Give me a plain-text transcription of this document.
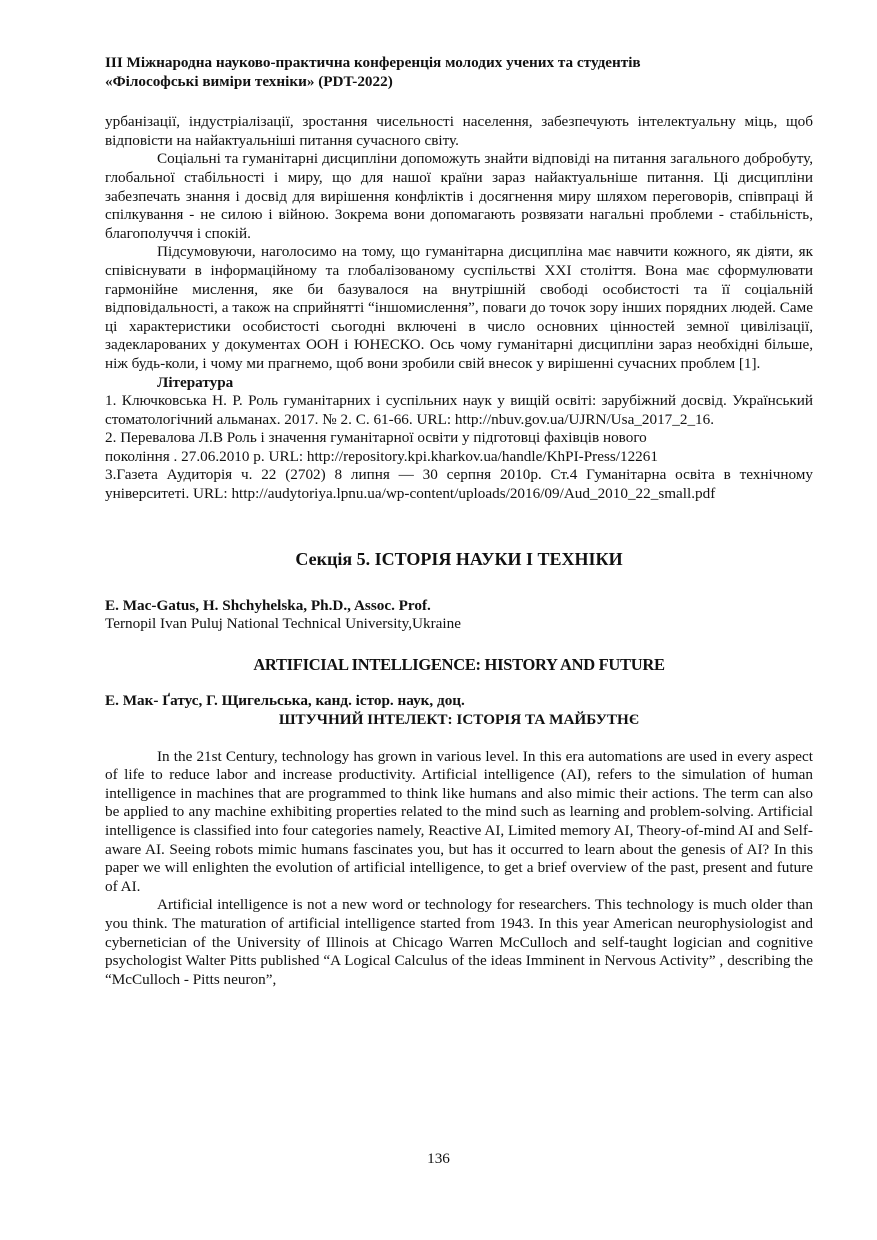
ІІІ Міжнародна науково-практична конференція молодих учених та студентів
«Філософські виміри техніки» (PDT-2022)

урбанізації, індустріалізації, зростання чисельності населення, забезпечують інтелектуальну міць, щоб відповісти на найактуальніші питання сучасного світу.

Соціальні та гуманітарні дисципліни допоможуть знайти відповіді на питання загального добробуту, глобальної стабільності і миру, що для нашої країни зараз найактуальніше питання. Ці дисципліни забезпечать знання і досвід для вирішення конфліктів і досягнення миру шляхом переговорів, співпраці й спілкування - не силою і війною. Зокрема вони допомагають розвязати нагальні проблеми - стабільність, благополуччя і спокій.

Підсумовуючи, наголосимо на тому, що гуманітарна дисципліна має навчити кожного, як діяти, як співіснувати в інформаційному та глобалізованому суспільстві ХХІ століття. Вона має сформулювати гармонійне мислення, яке би базувалося на внутрішній свободі особистості та її соціальній відповідальності, а також на сприйнятті “іншомислення”, поваги до точок зору інших порядних людей. Саме ці характеристики особистості сьогодні включені в число основних цінностей земної цивілізації, задекларованих у документах ООН і ЮНЕСКО. Ось чому гуманітарні дисципліни зараз необхідні більше, ніж будь-коли, і чому ми прагнемо, щоб вони зробили свій внесок у вирішенні сучасних проблем [1].

Література

1. Ключковська Н. Р. Роль гуманітарних і суспільних наук у вищій освіті: зарубіжний досвід. Український стоматологічний альманах. 2017. № 2. С. 61-66. URL: http://nbuv.gov.ua/UJRN/Usa_2017_2_16.

2. Перевалова Л.В Роль і значення гуманітарної освіти у підготовці фахівців нового

покоління . 27.06.2010 р. URL: http://repository.kpi.kharkov.ua/handle/KhPI-Press/12261

3.Газета Аудиторія ч. 22 (2702) 8 липня — 30 серпня 2010р. Ст.4 Гуманітарна освіта в технічному університеті. URL: http://audytoriya.lpnu.ua/wp-content/uploads/2016/09/Aud_2010_22_small.pdf

Секція 5. ІСТОРІЯ НАУКИ І ТЕХНІКИ

E. Mac-Gatus, H. Shchyhelska, Ph.D., Assoc. Prof.

Ternopil Ivan Puluj National Technical University,Ukraine

ARTIFICIAL INTELLIGENCE: HISTORY AND FUTURE

Е. Мак- Ґатус, Г. Щигельська, канд. істор. наук, доц.

ШТУЧНИЙ ІНТЕЛЕКТ: ІСТОРІЯ ТА МАЙБУТНЄ

In the 21st Century, technology has grown in various level. In this era automations are used in every aspect of life to reduce labor and increase productivity. Artificial intelligence (AI), refers to the simulation of human intelligence in machines that are programmed to think like humans and also mimic their actions. The term can also be applied to any machine exhibiting properties related to the mind such as learning and problem-solving. Artificial intelligence is classified into four categories namely, Reactive AI, Limited memory AI, Theory-of-mind AI and Self-aware AI. Seeing robots mimic humans fascinates you, but has it occurred to learn about the genesis of AI? In this paper we will enlighten the evolution of artificial intelligence, to get a brief overview of the past, present and future of AI.

Artificial intelligence is not a new word or technology for researchers. This technology is much older than you think. The maturation of artificial intelligence started from 1943. In this year American neurophysiologist and cybernetician of the University of Illinois at Chicago Warren McCulloch and self-taught logician and cognitive psychologist Walter Pitts published “A Logical Calculus of the ideas Imminent in Nervous Activity” , describing the “McCulloch - Pitts neuron”,

136
